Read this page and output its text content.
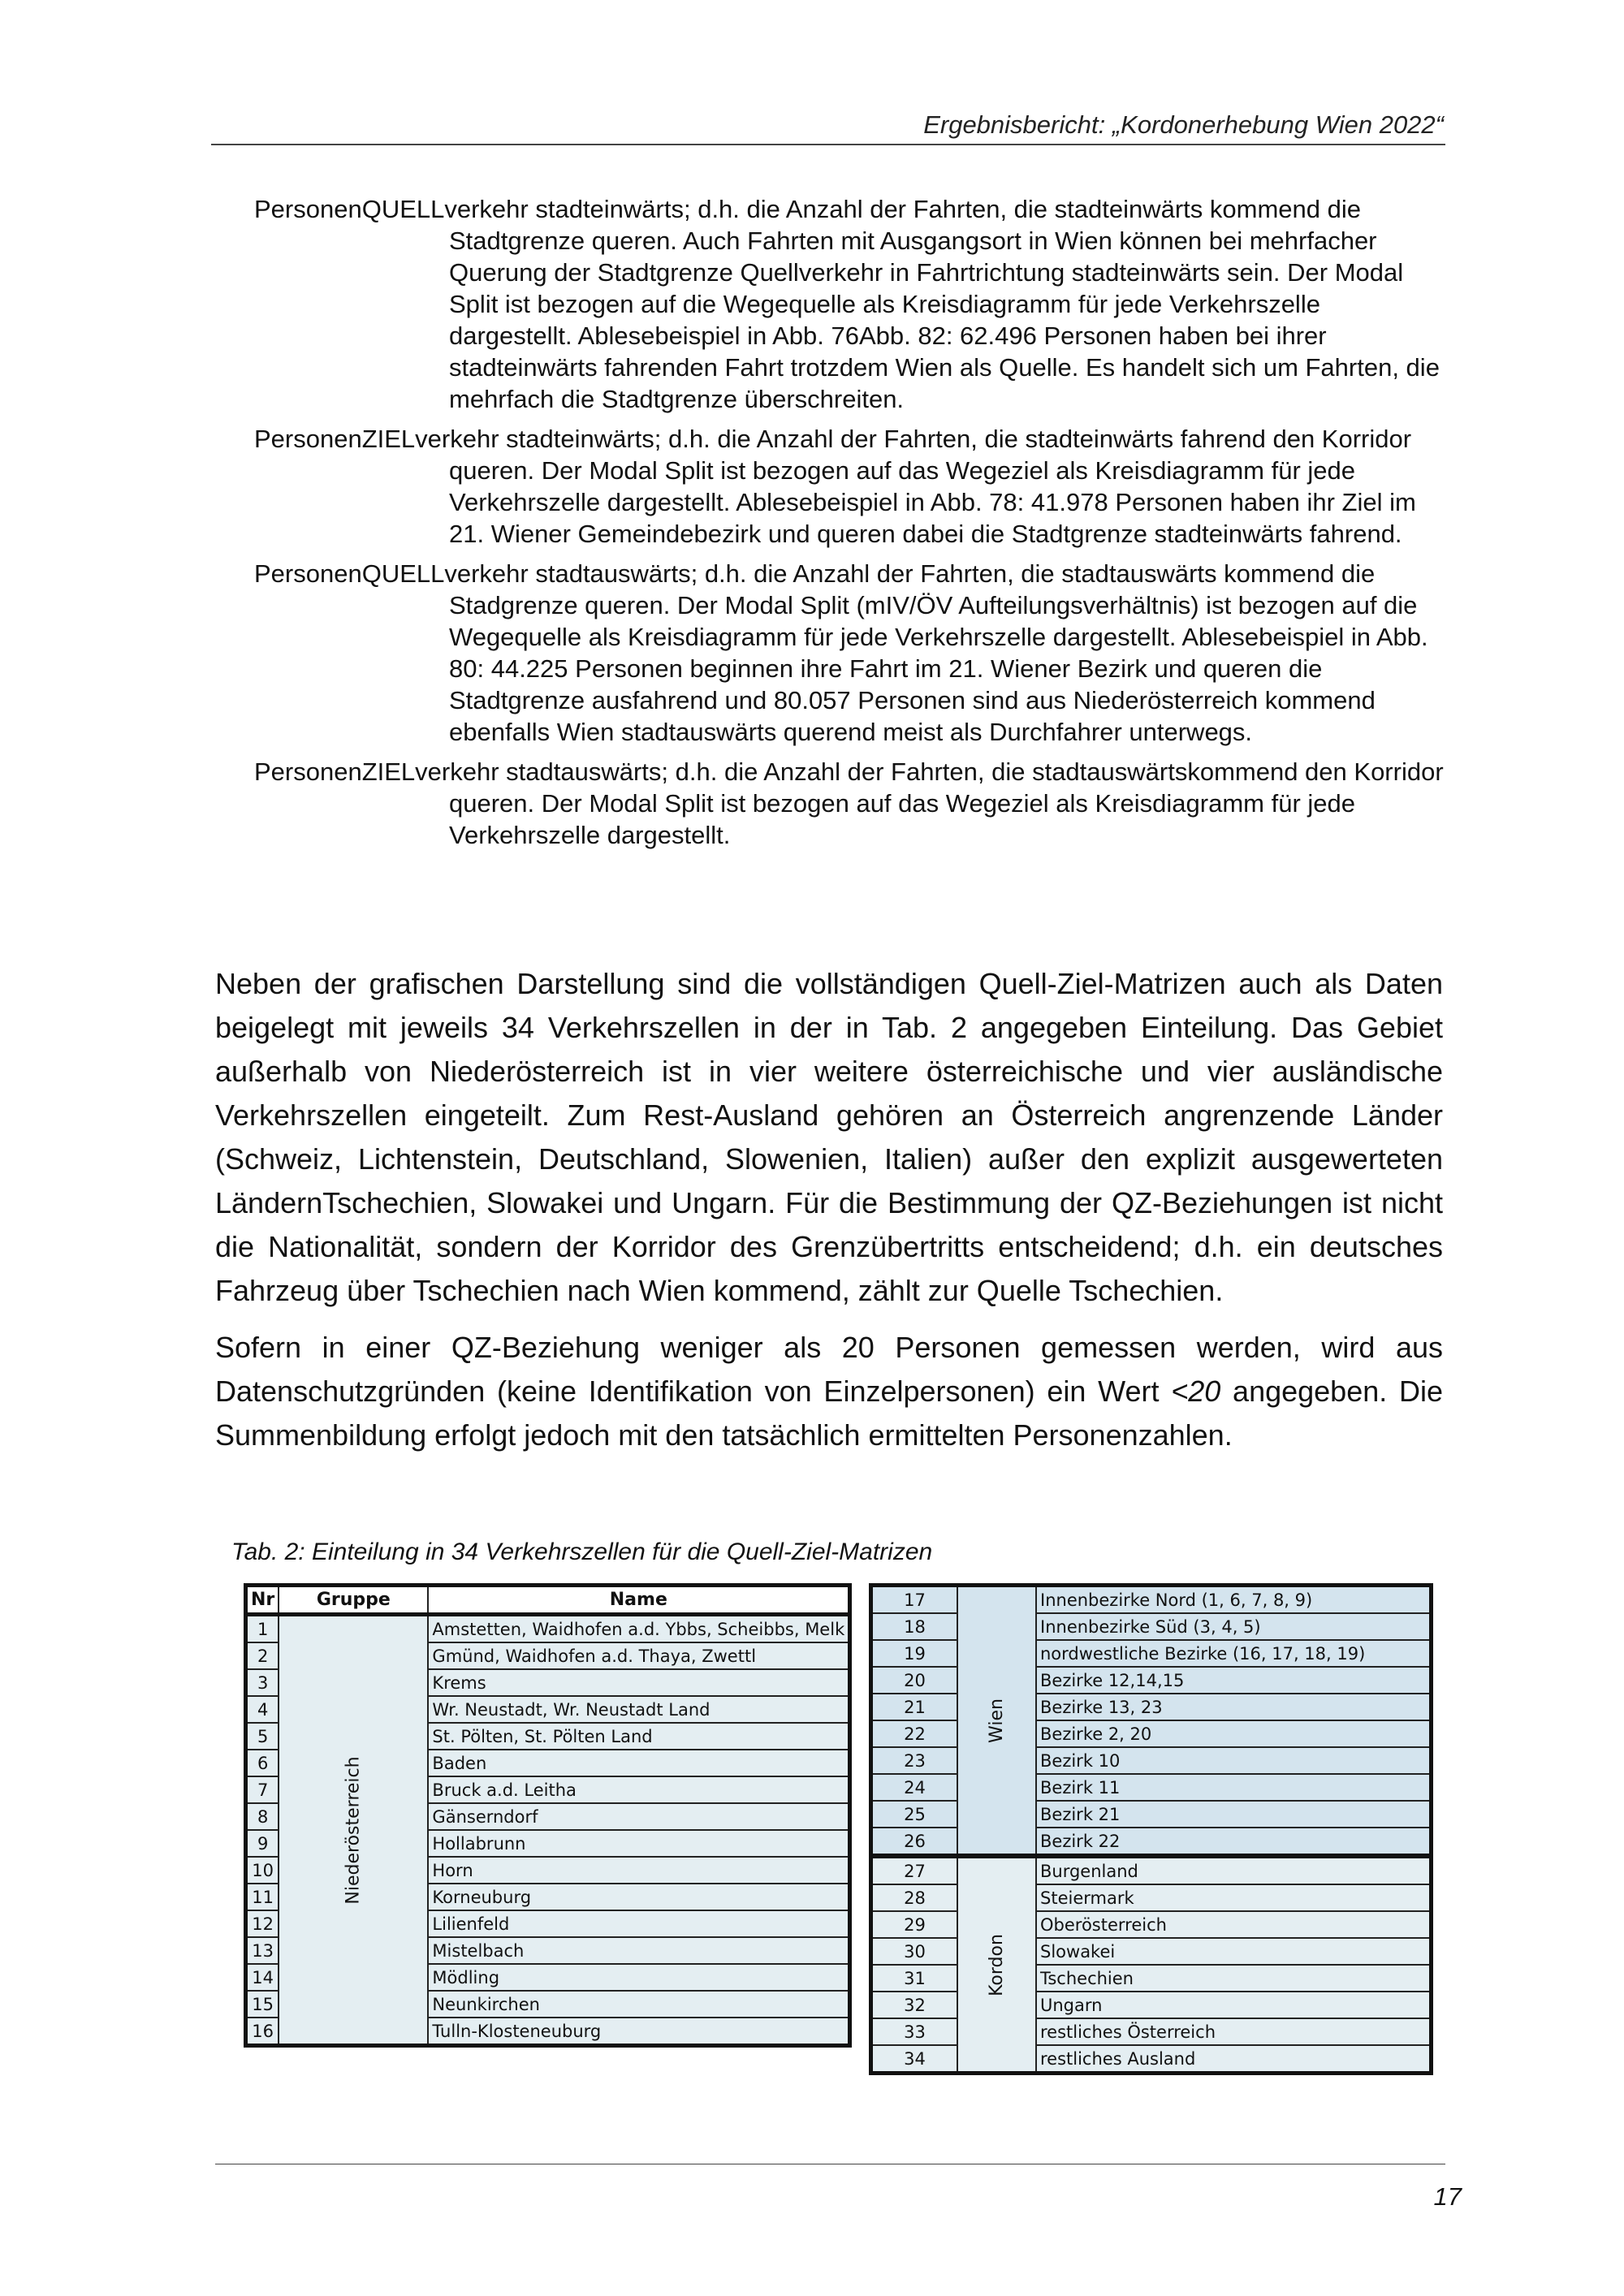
Ergebnisbericht: „Kordonerhebung Wien 2022“
PersonenQUELLverkehr stadteinwärts; d.h. die Anzahl der Fahrten, die stadteinwärts kommend die Stadtgrenze queren. Auch Fahrten mit Ausgangsort in Wien können bei mehrfacher Querung der Stadtgrenze Quellverkehr in Fahrtrichtung stadteinwärts sein. Der Modal Split ist bezogen auf die Wegequelle als Kreisdiagramm für jede Verkehrszelle dargestellt. Ablesebeispiel in Abb. 76Abb. 82: 62.496 Personen haben bei ihrer stadteinwärts fahrenden Fahrt trotzdem Wien als Quelle. Es handelt sich um Fahrten, die mehrfach die Stadtgrenze überschreiten.
PersonenZIELverkehr stadteinwärts; d.h. die Anzahl der Fahrten, die stadteinwärts fahrend den Korridor queren. Der Modal Split ist bezogen auf das Wegeziel als Kreisdiagramm für jede Verkehrszelle dargestellt. Ablesebeispiel in Abb. 78: 41.978 Personen haben ihr Ziel im 21. Wiener Gemeindebezirk und queren dabei die Stadtgrenze stadteinwärts fahrend.
PersonenQUELLverkehr stadtauswärts; d.h. die Anzahl der Fahrten, die stadtauswärts kommend die Stadgrenze queren. Der Modal Split (mIV/ÖV Aufteilungsverhältnis) ist bezogen auf die Wegequelle als Kreisdiagramm für jede Verkehrszelle dargestellt. Ablesebeispiel in Abb. 80: 44.225 Personen beginnen ihre Fahrt im 21. Wiener Bezirk und queren die Stadtgrenze ausfahrend und 80.057 Personen sind aus Niederösterreich kommend ebenfalls Wien stadtauswärts querend meist als Durchfahrer unterwegs.
PersonenZIELverkehr stadtauswärts; d.h. die Anzahl der Fahrten, die stadtauswärtskommend den Korridor queren. Der Modal Split ist bezogen auf das Wegeziel als Kreisdiagramm für jede Verkehrszelle dargestellt.

Neben der grafischen Darstellung sind die vollständigen Quell-Ziel-Matrizen auch als Daten beigelegt mit jeweils 34 Verkehrszellen in der in Tab. 2 angegeben Einteilung. Das Gebiet außerhalb von Niederösterreich ist in vier weitere österreichische und vier ausländische Verkehrszellen eingeteilt. Zum Rest-Ausland gehören an Österreich angrenzende Länder (Schweiz, Lichtenstein, Deutschland, Slowenien, Italien) außer den explizit ausgewerteten LändernTschechien, Slowakei und Ungarn. Für die Bestimmung der QZ-Beziehungen ist nicht die Nationalität, sondern der Korridor des Grenzübertritts entscheidend; d.h. ein deutsches Fahrzeug über Tschechien nach Wien kommend, zählt zur Quelle Tschechien.

Sofern in einer QZ-Beziehung weniger als 20 Personen gemessen werden, wird aus Datenschutzgründen (keine Identifikation von Einzelpersonen) ein Wert <20 angegeben. Die Summenbildung erfolgt jedoch mit den tatsächlich ermittelten Personenzahlen.

Tab. 2: Einteilung in 34 Verkehrszellen für die Quell-Ziel-Matrizen
Nr	Gruppe	Name
1	Niederösterreich	Amstetten, Waidhofen a.d. Ybbs, Scheibbs, Melk
2		Gmünd, Waidhofen a.d. Thaya, Zwettl
3		Krems
4		Wr. Neustadt, Wr. Neustadt Land
5		St. Pölten, St. Pölten Land
6		Baden
7		Bruck a.d. Leitha
8		Gänserndorf
9		Hollabrunn
10		Horn
11		Korneuburg
12		Lilienfeld
13		Mistelbach
14		Mödling
15		Neunkirchen
16		Tulln-Klosteneuburg
17	Wien	Innenbezirke Nord (1, 6, 7, 8, 9)
18		Innenbezirke Süd (3, 4, 5)
19		nordwestliche Bezirke (16, 17, 18, 19)
20		Bezirke 12,14,15
21		Bezirke 13, 23
22		Bezirke 2, 20
23		Bezirk 10
24		Bezirk 11
25		Bezirk 21
26		Bezirk 22
27	Kordon	Burgenland
28		Steiermark
29		Oberösterreich
30		Slowakei
31		Tschechien
32		Ungarn
33		restliches Österreich
34		restliches Ausland
17
